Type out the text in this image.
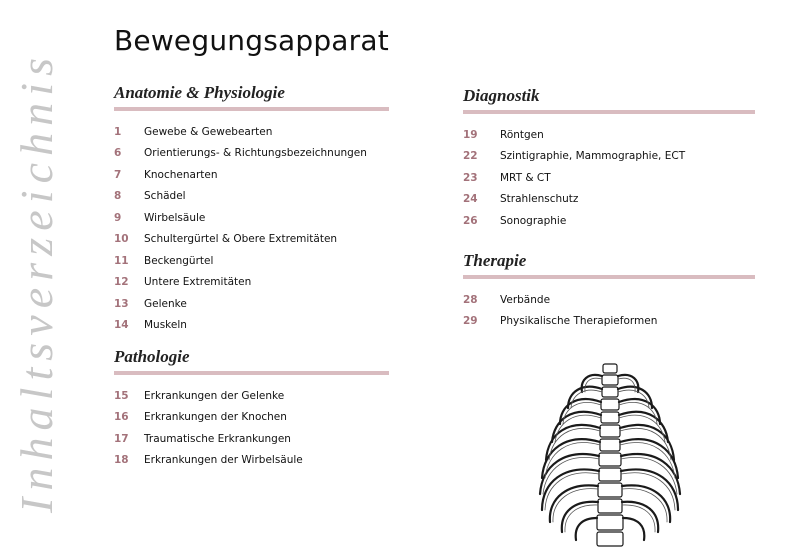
Inhaltsverzeichnis
Bewegungsapparat
Anatomie & Physiologie
1	Gewebe & Gewebearten
6	Orientierungs- & Richtungsbezeichnungen
7	Knochenarten
8	Schädel
9	Wirbelsäule
10	Schultergürtel & Obere Extremitäten
11	Beckengürtel
12	Untere Extremitäten
13	Gelenke
14	Muskeln
Pathologie
15	Erkrankungen der Gelenke
16	Erkrankungen der Knochen
17	Traumatische Erkrankungen
18	Erkrankungen der Wirbelsäule
Diagnostik
19	Röntgen
22	Szintigraphie, Mammographie, ECT
23	MRT & CT
24	Strahlenschutz
26	Sonographie
Therapie
28	Verbände
29	Physikalische Therapieformen
